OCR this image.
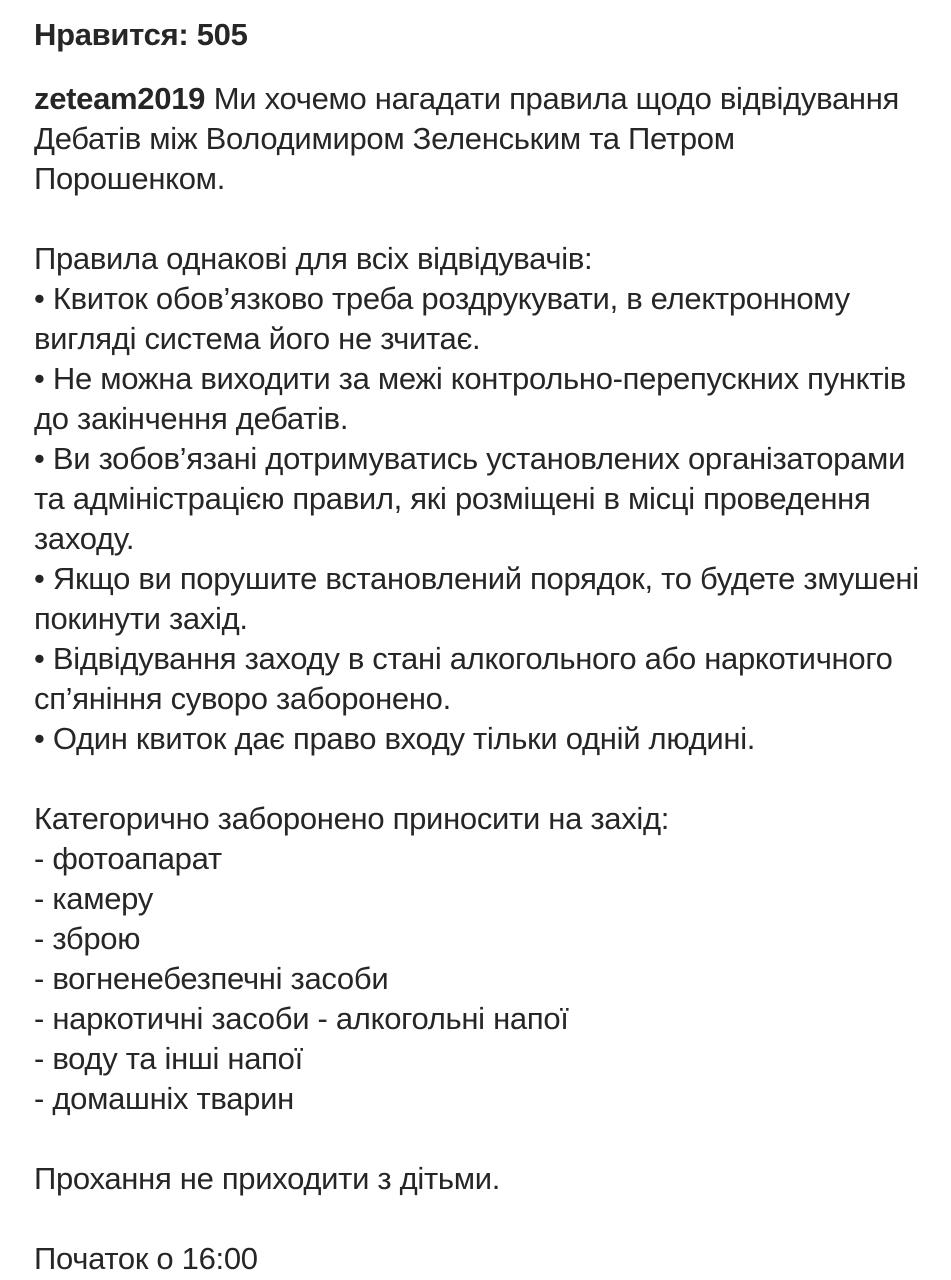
Нравится: 505

zeteam2019 Ми хочемо нагадати правила щодо відвідування Дебатів між Володимиром Зеленським та Петром Порошенком.

Правила однакові для всіх відвідувачів:

• Квиток обов’язково треба роздрукувати, в електронному вигляді система його не зчитає.

• Не можна виходити за межі контрольно-перепускних пунктів до закінчення дебатів.

• Ви зобов’язані дотримуватись установлених організаторами та адміністрацією правил, які розміщені в місці проведення заходу.

• Якщо ви порушите встановлений порядок, то будете змушені покинути захід.

• Відвідування заходу в стані алкогольного або наркотичного сп’яніння суворо заборонено.

• Один квиток дає право входу тільки одній людині.

Категорично заборонено приносити на захід:

- фотоапарат

- камеру

- зброю

- вогненебезпечні засоби

- наркотичні засоби - алкогольні напої

- воду та інші напої

- домашніх тварин

Прохання не приходити з дітьми.

Початок о 16:00
